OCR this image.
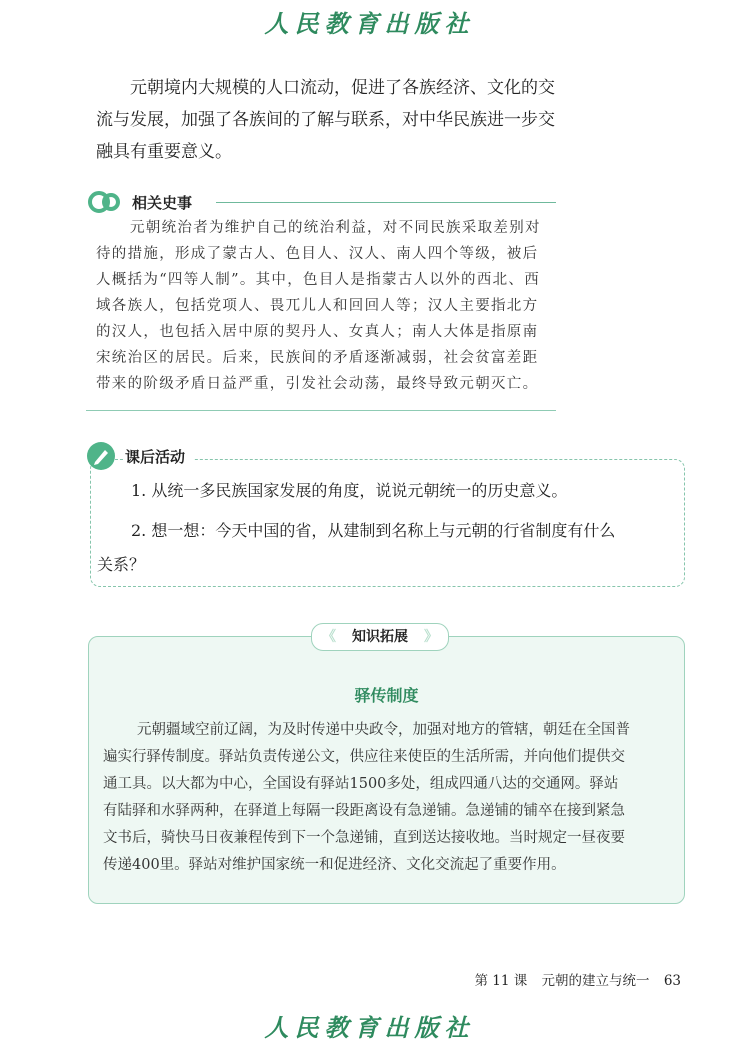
人民教育出版社
元朝境内大规模的人口流动，促进了各族经济、文化的交
流与发展，加强了各族间的了解与联系，对中华民族进一步交
融具有重要意义。
相关史事
元朝统治者为维护自己的统治利益，对不同民族采取差别对
待的措施，形成了蒙古人、色目人、汉人、南人四个等级，被后
人概括为“四等人制”。其中，色目人是指蒙古人以外的西北、西
域各族人，包括党项人、畏兀儿人和回回人等；汉人主要指北方
的汉人，也包括入居中原的契丹人、女真人；南人大体是指原南
宋统治区的居民。后来，民族间的矛盾逐渐减弱，社会贫富差距
带来的阶级矛盾日益严重，引发社会动荡，最终导致元朝灭亡。
课后活动
1. 从统一多民族国家发展的角度，说说元朝统一的历史意义。
2. 想一想：今天中国的省，从建制到名称上与元朝的行省制度有什么
关系？
《 知识拓展 》
驿传制度
元朝疆域空前辽阔，为及时传递中央政令，加强对地方的管辖，朝廷在全国普
遍实行驿传制度。驿站负责传递公文，供应往来使臣的生活所需，并向他们提供交
通工具。以大都为中心，全国设有驿站1500多处，组成四通八达的交通网。驿站
有陆驿和水驿两种，在驿道上每隔一段距离设有急递铺。急递铺的铺卒在接到紧急
文书后，骑快马日夜兼程传到下一个急递铺，直到送达接收地。当时规定一昼夜要
传递400里。驿站对维护国家统一和促进经济、文化交流起了重要作用。
第 11 课 元朝的建立与统一 63
人民教育出版社
